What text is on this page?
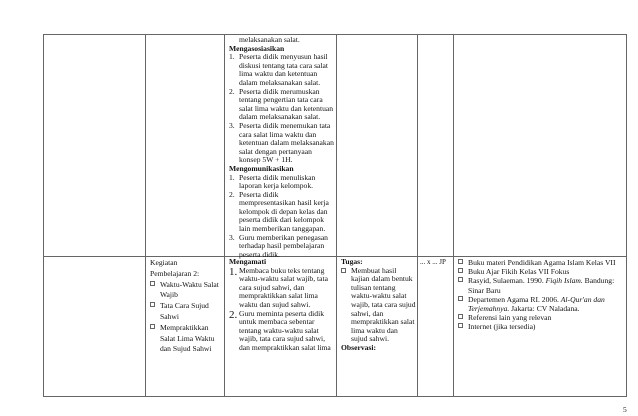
melaksanakan salat.
Mengasosiasikan
1. Peserta didik menyusun hasil diskusi tentang tata cara salat lima waktu dan ketentuan dalam melaksanakan salat.
2. Peserta didik merumuskan tentang pengertian tata cara salat lima waktu dan ketentuan dalam melaksanakan salat.
3. Peserta didik menemukan tata cara salat lima waktu dan ketentuan dalam melaksanakan salat dengan pertanyaan konsep 5W + 1H.
Mengomunikasikan
1. Peserta didik menuliskan laporan kerja kelompok.
2. Peserta didik mempresentasikan hasil kerja kelompok di depan kelas dan peserta didik dari kelompok lain memberikan tanggapan.
3. Guru memberikan penegasan terhadap hasil pembelajaran peserta didik.
Kegiatan
Pembelajaran 2:
Waktu-Waktu Salat Wajib
Tata Cara Sujud Sahwi
Mempraktikkan Salat Lima Waktu dan Sujud Sahwi
Mengamati
1. Membaca buku teks tentang waktu-waktu salat wajib, tata cara sujud sahwi, dan mempraktikkan salat lima waktu dan sujud sahwi.
2. Guru meminta peserta didik untuk membaca sebentar tentang waktu-waktu salat wajib, tata cara sujud sahwi, dan mempraktikkan salat lima
Tugas:
Membuat hasil kajian dalam bentuk tulisan tentang waktu-waktu salat wajib, tata cara sujud sahwi, dan mempraktikkan salat lima waktu dan sujud sahwi.
Observasi:
... x ... JP	Buku materi Pendidikan Agama Islam Kelas VII
Buku Ajar Fikih Kelas VII Fokus
Rasyid, Sulaeman. 1990. Fiqih Islam. Bandung: Sinar Baru
Departemen Agama RI. 2006. Al-Qur'an dan Terjemahnya. Jakarta: CV Naladana.
Referensi lain yang relevan
Internet (jika tersedia)
5
